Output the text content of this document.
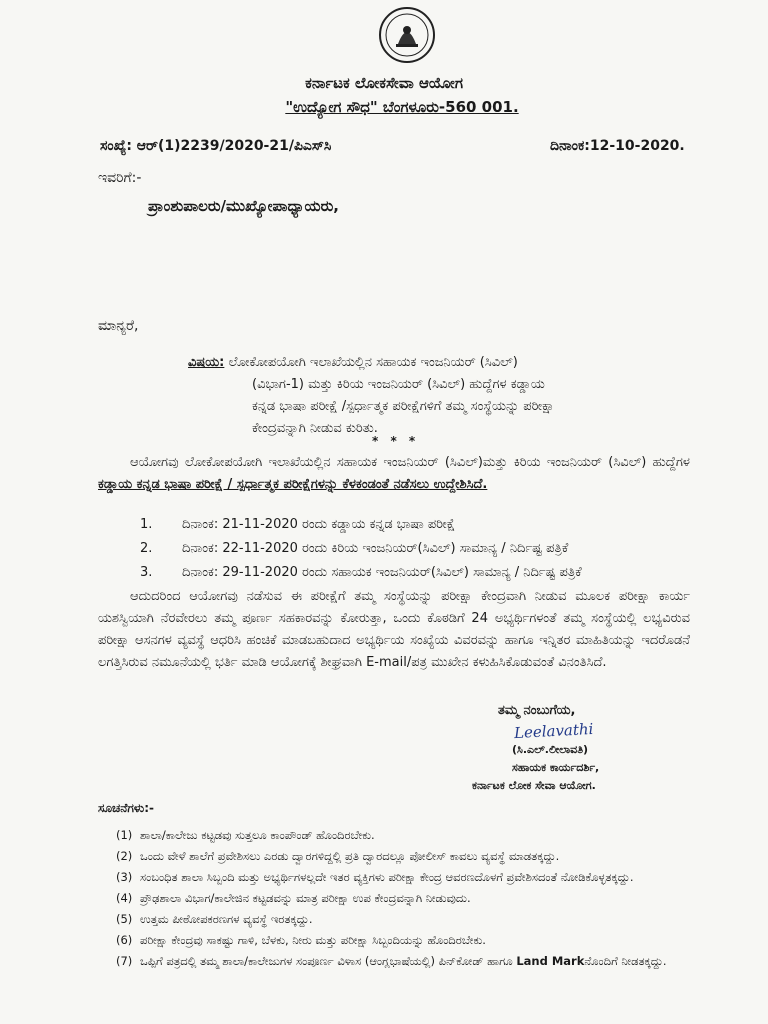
ಕರ್ನಾಟಕ ಲೋಕಸೇವಾ ಆಯೋಗ
"ಉದ್ಯೋಗ ಸೌಧ" ಬೆಂಗಳೂರು-560 001.
ಸಂಖ್ಯೆ: ಆರ್(1)2239/2020-21/ಪಿಎಸ್‌ಸಿ	ದಿನಾಂಕ:12-10-2020.
ಇವರಿಗೆ:-
ಪ್ರಾಂಶುಪಾಲರು/ಮುಖ್ಯೋಪಾಧ್ಯಾಯರು,
ಮಾನ್ಯರೆ,
ವಿಷಯ: ಲೋಕೋಪಯೋಗಿ ಇಲಾಖೆಯಲ್ಲಿನ ಸಹಾಯಕ ಇಂಜನಿಯರ್ (ಸಿವಿಲ್)
(ವಿಭಾಗ-1) ಮತ್ತು ಕಿರಿಯ ಇಂಜನಿಯರ್ (ಸಿವಿಲ್) ಹುದ್ದೆಗಳ ಕಡ್ಡಾಯ
ಕನ್ನಡ ಭಾಷಾ ಪರೀಕ್ಷೆ /ಸ್ಪರ್ಧಾತ್ಮಕ ಪರೀಕ್ಷೆಗಳಿಗೆ ತಮ್ಮ ಸಂಸ್ಥೆಯನ್ನು ಪರೀಕ್ಷಾ
ಕೇಂದ್ರವನ್ನಾಗಿ ನೀಡುವ ಕುರಿತು.
* * *
ಆಯೋಗವು ಲೋಕೋಪಯೋಗಿ ಇಲಾಖೆಯಲ್ಲಿನ ಸಹಾಯಕ ಇಂಜನಿಯರ್ (ಸಿವಿಲ್)ಮತ್ತು ಕಿರಿಯ ಇಂಜನಿಯರ್ (ಸಿವಿಲ್) ಹುದ್ದೆಗಳ ಕಡ್ಡಾಯ ಕನ್ನಡ ಭಾಷಾ ಪರೀಕ್ಷೆ / ಸ್ಪರ್ಧಾತ್ಮಕ ಪರೀಕ್ಷೆಗಳನ್ನು ಕೆಳಕಂಡಂತೆ ನಡೆಸಲು ಉದ್ದೇಶಿಸಿದೆ.
1. ದಿನಾಂಕ: 21-11-2020 ರಂದು ಕಡ್ಡಾಯ ಕನ್ನಡ ಭಾಷಾ ಪರೀಕ್ಷೆ
2. ದಿನಾಂಕ: 22-11-2020 ರಂದು ಕಿರಿಯ ಇಂಜನಿಯರ್(ಸಿವಿಲ್) ಸಾಮಾನ್ಯ / ನಿರ್ದಿಷ್ಟ ಪತ್ರಿಕೆ
3. ದಿನಾಂಕ: 29-11-2020 ರಂದು ಸಹಾಯಕ ಇಂಜನಿಯರ್(ಸಿವಿಲ್) ಸಾಮಾನ್ಯ / ನಿರ್ದಿಷ್ಟ ಪತ್ರಿಕೆ
ಆದುದರಿಂದ ಆಯೋಗವು ನಡೆಸುವ ಈ ಪರೀಕ್ಷೆಗೆ ತಮ್ಮ ಸಂಸ್ಥೆಯನ್ನು ಪರೀಕ್ಷಾ ಕೇಂದ್ರವಾಗಿ ನೀಡುವ ಮೂಲಕ ಪರೀಕ್ಷಾ ಕಾರ್ಯ ಯಶಸ್ವಿಯಾಗಿ ನೆರವೇರಲು ತಮ್ಮ ಪೂರ್ಣ ಸಹಕಾರವನ್ನು ಕೋರುತ್ತಾ, ಒಂದು ಕೊಠಡಿಗೆ 24 ಅಭ್ಯರ್ಥಿಗಳಂತೆ ತಮ್ಮ ಸಂಸ್ಥೆಯಲ್ಲಿ ಲಭ್ಯವಿರುವ ಪರೀಕ್ಷಾ ಆಸನಗಳ ವ್ಯವಸ್ಥೆ ಆಧರಿಸಿ ಹಂಚಿಕೆ ಮಾಡಬಹುದಾದ ಅಭ್ಯರ್ಥಿಯ ಸಂಖ್ಯೆಯ ವಿವರವನ್ನು ಹಾಗೂ ಇನ್ನಿತರ ಮಾಹಿತಿಯನ್ನು ಇದರೊಡನೆ ಲಗತ್ತಿಸಿರುವ ನಮೂನೆಯಲ್ಲಿ ಭರ್ತಿ ಮಾಡಿ ಆಯೋಗಕ್ಕೆ ಶೀಘ್ರವಾಗಿ E-mail/ಪತ್ರ ಮುಖೇನ ಕಳುಹಿಸಿಕೊಡುವಂತೆ ವಿನಂತಿಸಿದೆ.
ತಮ್ಮ ನಂಬುಗೆಯ,
Leelavathi
(ಸಿ.ಎಲ್.ಲೀಲಾವತಿ)
ಸಹಾಯಕ ಕಾರ್ಯದರ್ಶಿ,
ಕರ್ನಾಟಕ ಲೋಕ ಸೇವಾ ಆಯೋಗ.
ಸೂಚನೆಗಳು:-
(1) ಶಾಲಾ/ಕಾಲೇಜು ಕಟ್ಟಡವು ಸುತ್ತಲೂ ಕಾಂಪೌಂಡ್ ಹೊಂದಿರಬೇಕು.
(2) ಒಂದು ವೇಳೆ ಶಾಲೆಗೆ ಪ್ರವೇಶಿಸಲು ಎರಡು ದ್ವಾರಗಳಿದ್ದಲ್ಲಿ ಪ್ರತಿ ದ್ವಾರದಲ್ಲೂ ಪೋಲೀಸ್ ಕಾವಲು ವ್ಯವಸ್ಥೆ ಮಾಡತಕ್ಕದ್ದು.
(3) ಸಂಬಂಧಿತ ಶಾಲಾ ಸಿಬ್ಬಂದಿ ಮತ್ತು ಅಭ್ಯರ್ಥಿಗಳಲ್ಲದೇ ಇತರ ವ್ಯಕ್ತಿಗಳು ಪರೀಕ್ಷಾ ಕೇಂದ್ರ ಆವರಣದೊಳಗೆ ಪ್ರವೇಶಿಸದಂತೆ ನೋಡಿಕೊಳ್ಳತಕ್ಕದ್ದು.
(4) ಪ್ರೌಢಶಾಲಾ ವಿಭಾಗ/ಕಾಲೇಜಿನ ಕಟ್ಟಡವನ್ನು ಮಾತ್ರ ಪರೀಕ್ಷಾ ಉಪ ಕೇಂದ್ರವನ್ನಾಗಿ ನೀಡುವುದು.
(5) ಉತ್ತಮ ಪೀಠೋಪಕರಣಗಳ ವ್ಯವಸ್ಥೆ ಇರತಕ್ಕದ್ದು.
(6) ಪರೀಕ್ಷಾ ಕೇಂದ್ರವು ಸಾಕಷ್ಟು ಗಾಳಿ, ಬೆಳಕು, ನೀರು ಮತ್ತು ಪರೀಕ್ಷಾ ಸಿಬ್ಬಂದಿಯನ್ನು ಹೊಂದಿರಬೇಕು.
(7) ಒಪ್ಪಿಗೆ ಪತ್ರದಲ್ಲಿ ತಮ್ಮ ಶಾಲಾ/ಕಾಲೇಜುಗಳ ಸಂಪೂರ್ಣ ವಿಳಾಸ (ಆಂಗ್ಲಭಾಷೆಯಲ್ಲಿ) ಪಿನ್‌ಕೋಡ್ ಹಾಗೂ Land Markನೊಂದಿಗೆ ನೀಡತಕ್ಕದ್ದು.
